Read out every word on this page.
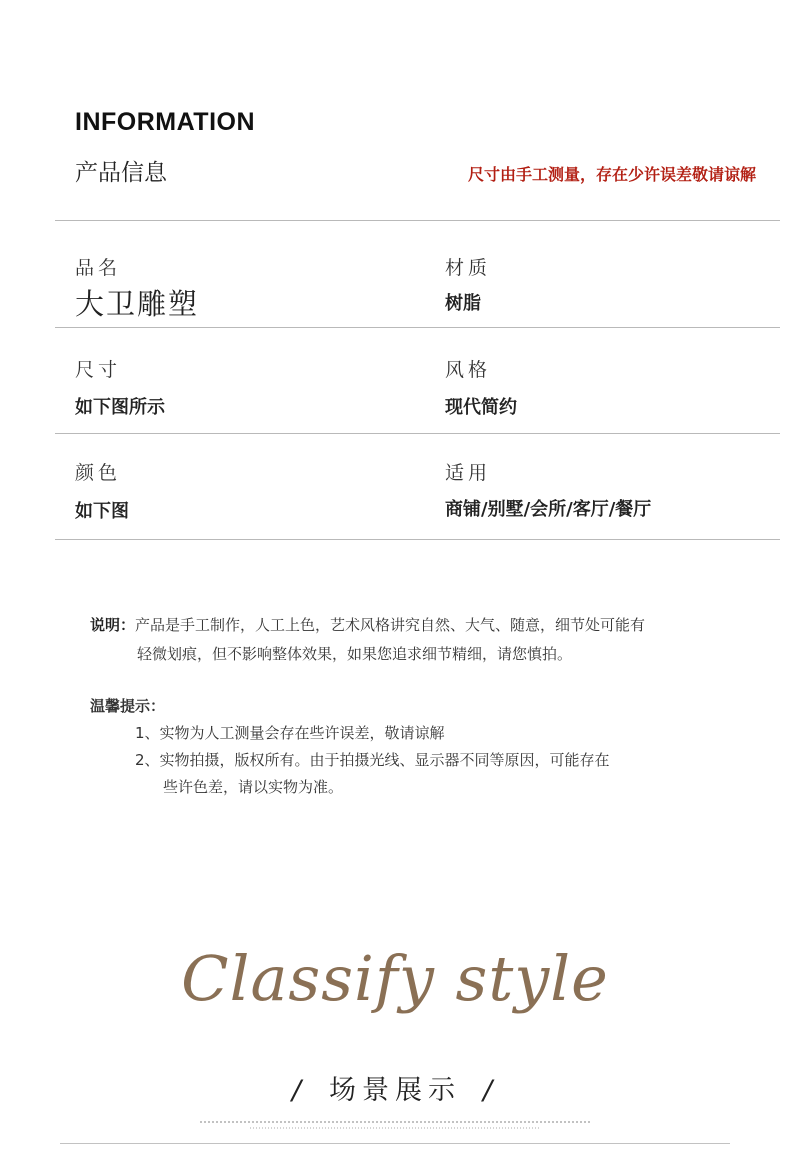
INFORMATION
产品信息	尺寸由手工测量，存在少许误差敬请谅解
品名
大卫雕塑
材质
树脂
尺寸
如下图所示
风格
现代简约
颜色
如下图
适用
商铺/别墅/会所/客厅/餐厅
说明：产品是手工制作，人工上色，艺术风格讲究自然、大气、随意，细节处可能有
轻微划痕，但不影响整体效果，如果您追求细节精细，请您慎拍。
温馨提示：
1、实物为人工测量会存在些许误差，敬请谅解
2、实物拍摄，版权所有。由于拍摄光线、显示器不同等原因，可能存在
些许色差，请以实物为准。
Classify style
/ 场景展示 /
